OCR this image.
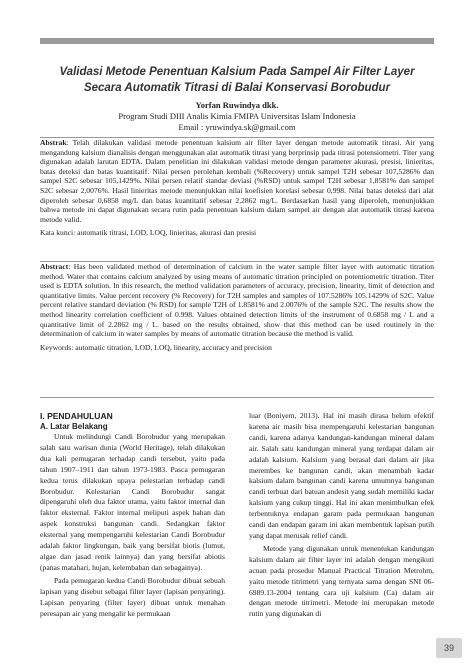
Validasi Metode Penentuan Kalsium Pada Sampel Air Filter Layer Secara Automatik Titrasi di Balai Konservasi Borobudur
Yorfan Ruwindya dkk.
Program Studi DIII Analis Kimia FMIPA Universitas Islam Indonesia
Email : yruwindya.sk@gmail.com
Abstrak: Telah dilakukan validasi metode penentuan kalsium air filter layer dengan metode automatik titrasi. Air yang mengandung kalsium dianalisis dengan menggunakan alat automatik titrasi yang berprinsip pada titrasi potensiometri. Titer yang digunakan adalah larutan EDTA. Dalam penelitian ini dilakukan validasi metode dengan parameter akurasi, presisi, linieritas, batas deteksi dan batas kuantitatif. Nilai persen perolehan kembali (%Recovery) untuk sampel T2H sebesar 107,5286% dan sampel S2C sebesar 105,1429%. Nilai persen relatif standar deviasi (%RSD) untuk sampel T2H sebesar 1,8581% dan sampel S2C sebesar 2,0076%. Hasil linieritas metode menunjukkan nilai koefisien korelasi sebesar 0,998. Nilai batas deteksi dari alat diperoleh sebesar 0,6858 mg/L dan batas kuantitatif sebesar 2,2862 mg/L. Berdasarkan hasil yang diperoleh, menunjukkan bahwa metode ini dapat digunakan secara rutin pada penentuan kalsium dalam sampel air dengan alat automatik titrasi karena metode valid.
Kata kunci: automatik titrasi, LOD, LOQ, linieritas, akurasi dan presisi
Abstract: Has been validated method of determination of calcium in the water sample filter layer with automatic titration method. Water that contains calcium analyzed by using means of automatic titration principled on potentiometric titration. Titer used is EDTA solution. In this research, the method validation parameters of accuracy, precision, linearity, limit of detection and quantitative limits. Value percent recovery (% Recovery) for T2H samples and samples of 107.5286% 105.1429% of S2C. Value percent relative standard deviation (% RSD) for sample T2H of 1.8581% and 2.0076% of the sample S2C. The results show the method linearity correlation coefficient of 0.998. Values obtained detection limits of the instrument of 0.6858 mg / L and a quantitative limit of 2.2862 mg / L. based on the results obtained, show that this method can be used routinely in the determination of calcium in water samples by means of automatic titration because the method is valid.
Keywords: automatic titration, LOD, LOQ, linearity, accuracy and precision
I. PENDAHULUAN
A. Latar Belakang

Untuk melindungi Candi Borobudur yang merupakan salah satu warisan dunia (World Heritage), telah dilakukan dua kali pemugaran terhadap candi tersebut, yaitu pada tahun 1907–1911 dan tahun 1973-1983. Pasca pemugaran kedua terus dilakukan upaya pelestarian terhadap candi Borobudur. Kelestarian Candi Borobudur sangat dipengaruhi oleh dua faktor utama, yaitu faktor internal dan faktor eksternal. Faktor internal meliputi aspek bahan dan aspek konstruksi bangunan candi. Sedangkan faktor eksternal yang mempengaruhi kelestarian Candi Borobudur adalah faktor lingkungan, baik yang bersifat biotis (lumut, algae dan jasad renik lainnya) dan yang bersifat abiotis (panas matahari, hujan, kelembaban dan sebagainya).

Pada pemugaran kedua Candi Borobudur dibuat sebuah lapisan yang disebut sebagai filter layer (lapisan penyaring). Lapisan penyaring (filter layer) dibuat untuk menahan peresapan air yang mengalir ke permukaan

luar (Boniyem, 2013). Hal ini masih dirasa belum efektif karena air masih bisa mempengaruhi kelestarian bangunan candi, karena adanya kandungan-kandungan mineral dalam air. Salah satu kandungan mineral yang terdapat dalam air adalah kalsium. Kalsium yang berasal dari dalam air jika merembes ke bangunan candi, akan menambah kadar kalsium dalam bangunan candi karena umumnya bangunan candi terbuat dari batuan andesit yang sudah memiliki kadar kalsium yang cukup tinggi. Hal ini akan menimbulkan efek terbentuknya endapan garam pada permukaan bangunan candi dan endapan garam ini akan membentuk lapisan putih yang dapat merusak relief candi.

Metode yang digunakan untuk menentukan kandungan kalsium dalam air filter layer ini adalah dengan mengikuti acuan pada prosedur Manual Practical Titration Metrohm, yaitu metode titrimetri yang ternyata sama dengan SNI 06-6989.13-2004 tentang cara uji kalsium (Ca) dalam air dengan metode titrimetri. Metode ini merupakan metode rutin yang digunakan di

39
